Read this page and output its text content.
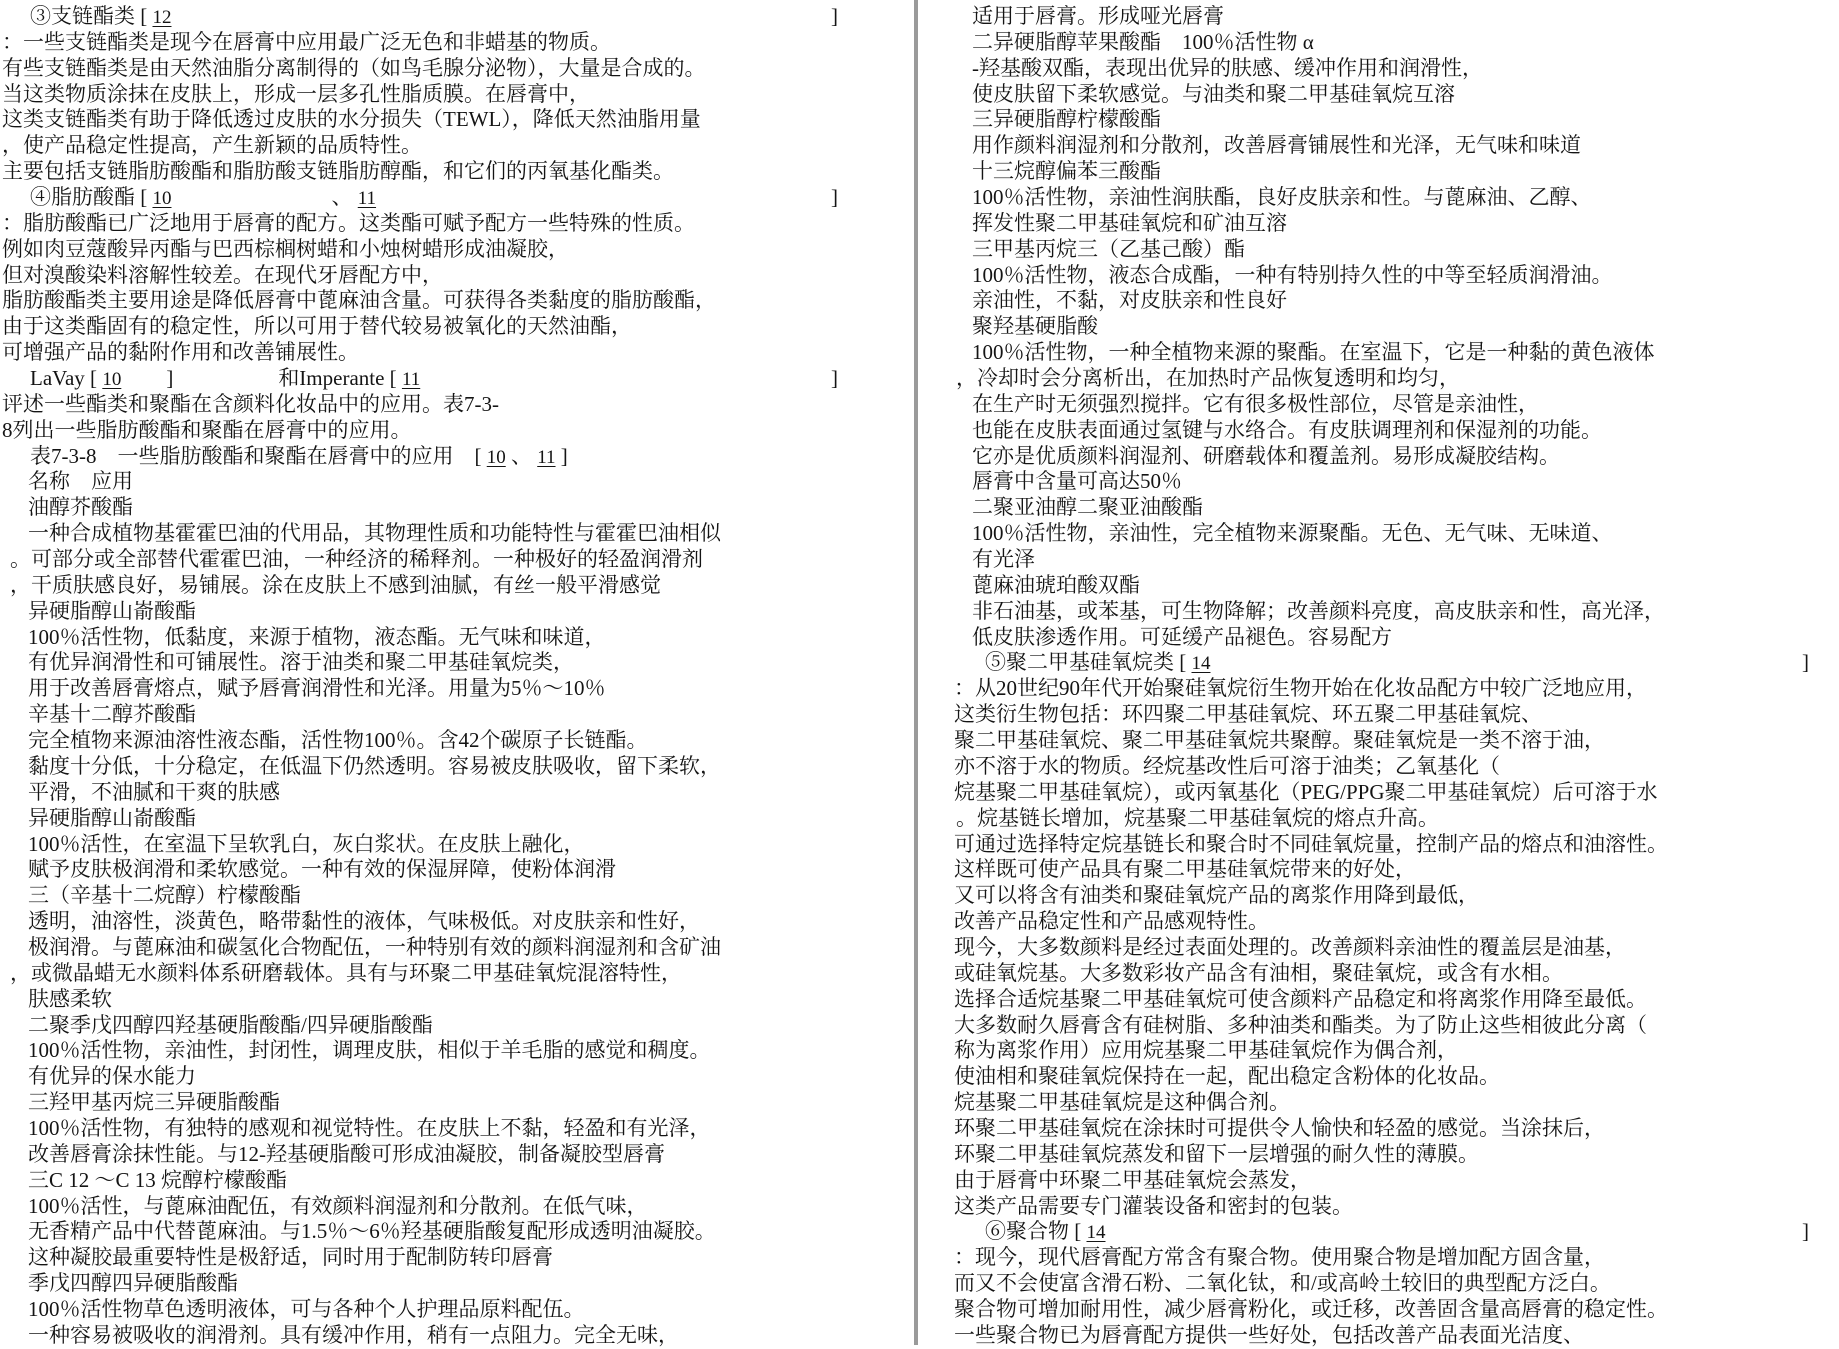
③支链酯类 [ 12	]
：一些支链酯类是现今在唇膏中应用最广泛无色和非蜡基的物质。
有些支链酯类是由天然油脂分离制得的（如鸟毛腺分泌物），大量是合成的。
当这类物质涂抹在皮肤上，形成一层多孔性脂质膜。在唇膏中，
这类支链酯类有助于降低透过皮肤的水分损失（TEWL），降低天然油脂用量
，使产品稳定性提高，产生新颖的品质特性。
主要包括支链脂肪酸酯和脂肪酸支链脂肪醇酯，和它们的丙氧基化酯类。
④脂肪酸酯 [ 10	、 11	]
：脂肪酸酯已广泛地用于唇膏的配方。这类酯可赋予配方一些特殊的性质。
例如肉豆蔻酸异丙酯与巴西棕榈树蜡和小烛树蜡形成油凝胶，
但对溴酸染料溶解性较差。在现代牙唇配方中，
脂肪酸酯类主要用途是降低唇膏中蓖麻油含量。可获得各类黏度的脂肪酸酯，
由于这类酯固有的稳定性，所以可用于替代较易被氧化的天然油酯，
可增强产品的黏附作用和改善铺展性。
LaVay [ 10 ]	和Imperante [ 11	]
评述一些酯类和聚酯在含颜料化妆品中的应用。表7-3-
8列出一些脂肪酸酯和聚酯在唇膏中的应用。
表7-3-8　一些脂肪酸酯和聚酯在唇膏中的应用　[ 10 、 11 ]
名称　应用
油醇芥酸酯
一种合成植物基霍霍巴油的代用品，其物理性质和功能特性与霍霍巴油相似
。可部分或全部替代霍霍巴油，一种经济的稀释剂。一种极好的轻盈润滑剂
，干质肤感良好，易铺展。涂在皮肤上不感到油腻，有丝一般平滑感觉
异硬脂醇山嵛酸酯
100％活性物，低黏度，来源于植物，液态酯。无气味和味道，
有优异润滑性和可铺展性。溶于油类和聚二甲基硅氧烷类，
用于改善唇膏熔点，赋予唇膏润滑性和光泽。用量为5％～10％
辛基十二醇芥酸酯
完全植物来源油溶性液态酯，活性物100％。含42个碳原子长链酯。
黏度十分低，十分稳定，在低温下仍然透明。容易被皮肤吸收，留下柔软，
平滑，不油腻和干爽的肤感
异硬脂醇山嵛酸酯
100％活性，在室温下呈软乳白，灰白浆状。在皮肤上融化，
赋予皮肤极润滑和柔软感觉。一种有效的保湿屏障，使粉体润滑
三（辛基十二烷醇）柠檬酸酯
透明，油溶性，淡黄色，略带黏性的液体，气味极低。对皮肤亲和性好，
极润滑。与蓖麻油和碳氢化合物配伍，一种特别有效的颜料润湿剂和含矿油
，或微晶蜡无水颜料体系研磨载体。具有与环聚二甲基硅氧烷混溶特性，
肤感柔软
二聚季戊四醇四羟基硬脂酸酯/四异硬脂酸酯
100％活性物，亲油性，封闭性，调理皮肤，相似于羊毛脂的感觉和稠度。
有优异的保水能力
三羟甲基丙烷三异硬脂酸酯
100％活性物，有独特的感观和视觉特性。在皮肤上不黏，轻盈和有光泽，
改善唇膏涂抹性能。与12-羟基硬脂酸可形成油凝胶，制备凝胶型唇膏
三C 12 ～C 13 烷醇柠檬酸酯
100％活性，与蓖麻油配伍，有效颜料润湿剂和分散剂。在低气味，
无香精产品中代替蓖麻油。与1.5％～6％羟基硬脂酸复配形成透明油凝胶。
这种凝胶最重要特性是极舒适，同时用于配制防转印唇膏
季戊四醇四异硬脂酸酯
100％活性物草色透明液体，可与各种个人护理品原料配伍。
一种容易被吸收的润滑剂。具有缓冲作用，稍有一点阻力。完全无味，
适用于唇膏。形成哑光唇膏
二异硬脂醇苹果酸酯　100％活性物 α
-羟基酸双酯，表现出优异的肤感、缓冲作用和润滑性，
使皮肤留下柔软感觉。与油类和聚二甲基硅氧烷互溶
三异硬脂醇柠檬酸酯
用作颜料润湿剂和分散剂，改善唇膏铺展性和光泽，无气味和味道
十三烷醇偏苯三酸酯
100％活性物，亲油性润肤酯，良好皮肤亲和性。与蓖麻油、乙醇、
挥发性聚二甲基硅氧烷和矿油互溶
三甲基丙烷三（乙基己酸）酯
100％活性物，液态合成酯，一种有特别持久性的中等至轻质润滑油。
亲油性，不黏，对皮肤亲和性良好
聚羟基硬脂酸
100％活性物，一种全植物来源的聚酯。在室温下，它是一种黏的黄色液体
，冷却时会分离析出，在加热时产品恢复透明和均匀，
在生产时无须强烈搅拌。它有很多极性部位，尽管是亲油性，
也能在皮肤表面通过氢键与水络合。有皮肤调理剂和保湿剂的功能。
它亦是优质颜料润湿剂、研磨载体和覆盖剂。易形成凝胶结构。
唇膏中含量可高达50％
二聚亚油醇二聚亚油酸酯
100％活性物，亲油性，完全植物来源聚酯。无色、无气味、无味道、
有光泽
蓖麻油琥珀酸双酯
非石油基，或苯基，可生物降解；改善颜料亮度，高皮肤亲和性，高光泽，
低皮肤渗透作用。可延缓产品褪色。容易配方
⑤聚二甲基硅氧烷类 [ 14	]
：从20世纪90年代开始聚硅氧烷衍生物开始在化妆品配方中较广泛地应用，
这类衍生物包括：环四聚二甲基硅氧烷、环五聚二甲基硅氧烷、
聚二甲基硅氧烷、聚二甲基硅氧烷共聚醇。聚硅氧烷是一类不溶于油，
亦不溶于水的物质。经烷基改性后可溶于油类；乙氧基化（
烷基聚二甲基硅氧烷），或丙氧基化（PEG/PPG聚二甲基硅氧烷）后可溶于水
。烷基链长增加，烷基聚二甲基硅氧烷的熔点升高。
可通过选择特定烷基链长和聚合时不同硅氧烷量，控制产品的熔点和油溶性。
这样既可使产品具有聚二甲基硅氧烷带来的好处，
又可以将含有油类和聚硅氧烷产品的离浆作用降到最低，
改善产品稳定性和产品感观特性。
现今，大多数颜料是经过表面处理的。改善颜料亲油性的覆盖层是油基，
或硅氧烷基。大多数彩妆产品含有油相，聚硅氧烷，或含有水相。
选择合适烷基聚二甲基硅氧烷可使含颜料产品稳定和将离浆作用降至最低。
大多数耐久唇膏含有硅树脂、多种油类和酯类。为了防止这些相彼此分离（
称为离浆作用）应用烷基聚二甲基硅氧烷作为偶合剂，
使油相和聚硅氧烷保持在一起，配出稳定含粉体的化妆品。
烷基聚二甲基硅氧烷是这种偶合剂。
环聚二甲基硅氧烷在涂抹时可提供令人愉快和轻盈的感觉。当涂抹后，
环聚二甲基硅氧烷蒸发和留下一层增强的耐久性的薄膜。
由于唇膏中环聚二甲基硅氧烷会蒸发，
这类产品需要专门灌装设备和密封的包装。
⑥聚合物 [ 14	]
：现今，现代唇膏配方常含有聚合物。使用聚合物是增加配方固含量，
而又不会使富含滑石粉、二氧化钛，和/或高岭土较旧的典型配方泛白。
聚合物可增加耐用性，减少唇膏粉化，或迁移，改善固含量高唇膏的稳定性。
一些聚合物已为唇膏配方提供一些好处，包括改善产品表面光洁度、
